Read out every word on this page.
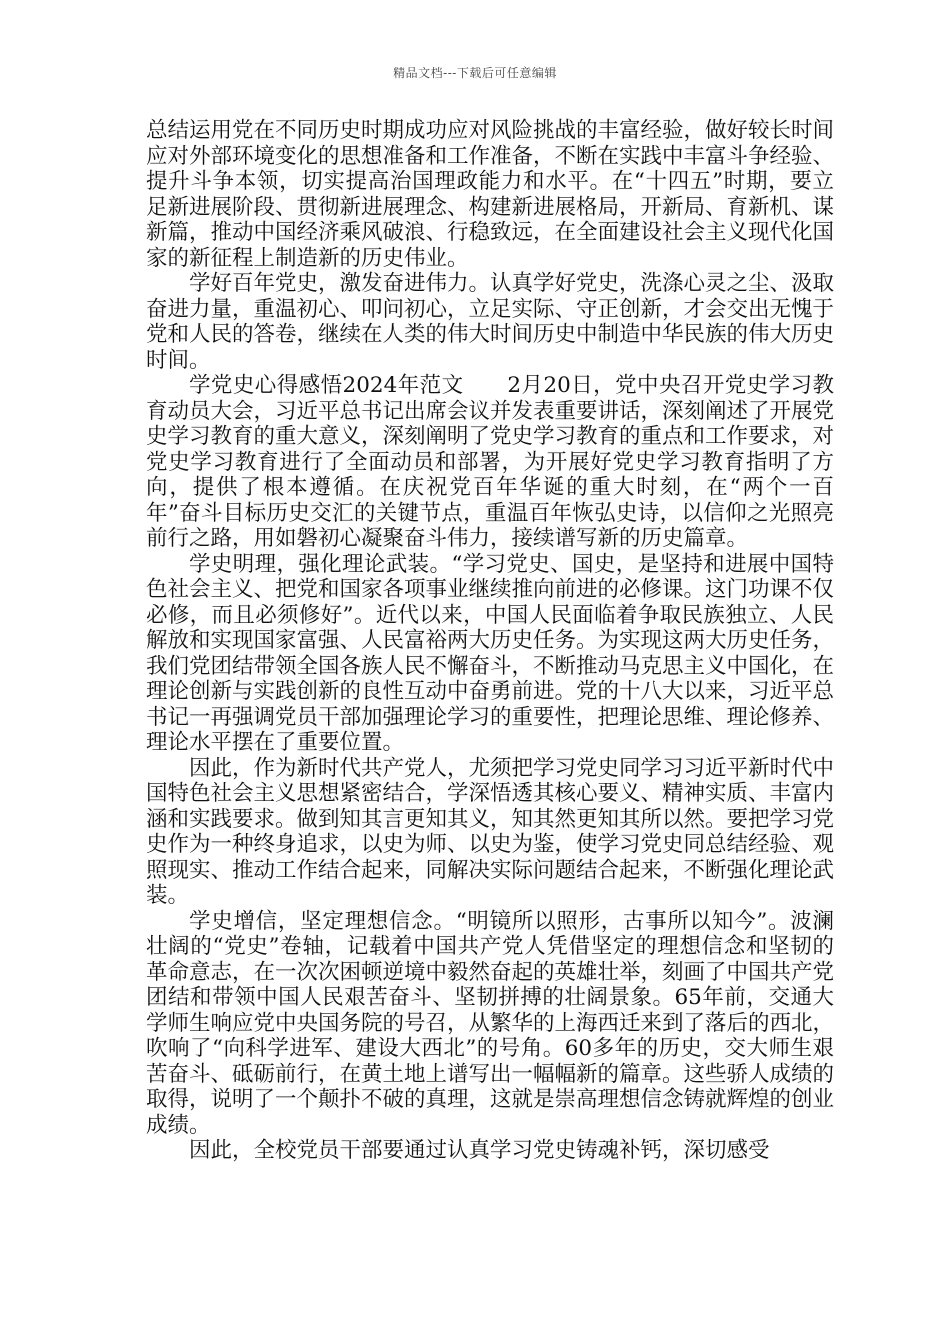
精品文档---下载后可任意编辑

总结运用党在不同历史时期成功应对风险挑战的丰富经验，做好较长时间应对外部环境变化的思想准备和工作准备，不断在实践中丰富斗争经验、提升斗争本领，切实提高治国理政能力和水平。在“十四五”时期，要立足新进展阶段、贯彻新进展理念、构建新进展格局，开新局、育新机、谋新篇，推动中国经济乘风破浪、行稳致远，在全面建设社会主义现代化国家的新征程上制造新的历史伟业。

学好百年党史，激发奋进伟力。认真学好党史，洗涤心灵之尘、汲取奋进力量，重温初心、叩问初心，立足实际、守正创新，才会交出无愧于党和人民的答卷，继续在人类的伟大时间历史中制造中华民族的伟大历史时间。

学党史心得感悟2024年范文　　2月20日，党中央召开党史学习教育动员大会，习近平总书记出席会议并发表重要讲话，深刻阐述了开展党史学习教育的重大意义，深刻阐明了党史学习教育的重点和工作要求，对党史学习教育进行了全面动员和部署，为开展好党史学习教育指明了方向，提供了根本遵循。在庆祝党百年华诞的重大时刻，在“两个一百年”奋斗目标历史交汇的关键节点，重温百年恢弘史诗，以信仰之光照亮前行之路，用如磐初心凝聚奋斗伟力，接续谱写新的历史篇章。

学史明理，强化理论武装。“学习党史、国史，是坚持和进展中国特色社会主义、把党和国家各项事业继续推向前进的必修课。这门功课不仅必修，而且必须修好”。近代以来，中国人民面临着争取民族独立、人民解放和实现国家富强、人民富裕两大历史任务。为实现这两大历史任务，我们党团结带领全国各族人民不懈奋斗，不断推动马克思主义中国化，在理论创新与实践创新的良性互动中奋勇前进。党的十八大以来，习近平总书记一再强调党员干部加强理论学习的重要性，把理论思维、理论修养、理论水平摆在了重要位置。

因此，作为新时代共产党人，尤须把学习党史同学习习近平新时代中国特色社会主义思想紧密结合，学深悟透其核心要义、精神实质、丰富内涵和实践要求。做到知其言更知其义，知其然更知其所以然。要把学习党史作为一种终身追求，以史为师、以史为鉴，使学习党史同总结经验、观照现实、推动工作结合起来，同解决实际问题结合起来，不断强化理论武装。

学史增信，坚定理想信念。“明镜所以照形，古事所以知今”。波澜壮阔的“党史”卷轴，记载着中国共产党人凭借坚定的理想信念和坚韧的革命意志，在一次次困顿逆境中毅然奋起的英雄壮举，刻画了中国共产党团结和带领中国人民艰苦奋斗、坚韧拼搏的壮阔景象。65年前，交通大学师生响应党中央国务院的号召，从繁华的上海西迁来到了落后的西北，吹响了“向科学进军、建设大西北”的号角。60多年的历史，交大师生艰苦奋斗、砥砺前行，在黄土地上谱写出一幅幅新的篇章。这些骄人成绩的取得，说明了一个颠扑不破的真理，这就是崇高理想信念铸就辉煌的创业成绩。

因此，全校党员干部要通过认真学习党史铸魂补钙，深切感受
